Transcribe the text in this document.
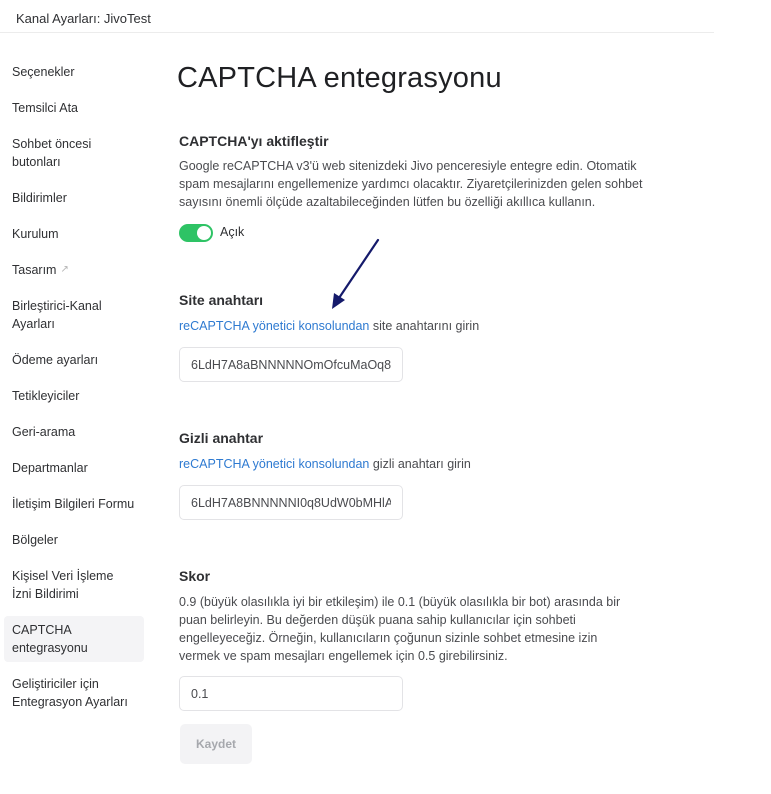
Kanal Ayarları: JivoTest
Seçenekler
Temsilci Ata
Sohbet öncesi butonları
Bildirimler
Kurulum
Tasarım ↗
Birleştirici-Kanal Ayarları
Ödeme ayarları
Tetikleyiciler
Geri-arama
Departmanlar
İletişim Bilgileri Formu
Bölgeler
Kişisel Veri İşleme İzni Bildirimi
CAPTCHA entegrasyonu
Geliştiriciler için Entegrasyon Ayarları
CAPTCHA entegrasyonu
CAPTCHA'yı aktifleştir
Google reCAPTCHA v3'ü web sitenizdeki Jivo penceresiyle entegre edin. Otomatik spam mesajlarını engellemenize yardımcı olacaktır. Ziyaretçilerinizden gelen sohbet sayısını önemli ölçüde azaltabileceğinden lütfen bu özelliği akıllıca kullanın.
Açık
Site anahtarı
reCAPTCHA yönetici konsolundan site anahtarını girin
6LdH7A8aBNNNNNOmOfcuMaOq8B
Gizli anahtar
reCAPTCHA yönetici konsolundan gizli anahtarı girin
6LdH7A8BNNNNNI0q8UdW0bMHlAc
Skor
0.9 (büyük olasılıkla iyi bir etkileşim) ile 0.1 (büyük olasılıkla bir bot) arasında bir puan belirleyin. Bu değerden düşük puana sahip kullanıcılar için sohbeti engelleyeceğiz. Örneğin, kullanıcıların çoğunun sizinle sohbet etmesine izin vermek ve spam mesajları engellemek için 0.5 girebilirsiniz.
0.1
Kaydet
